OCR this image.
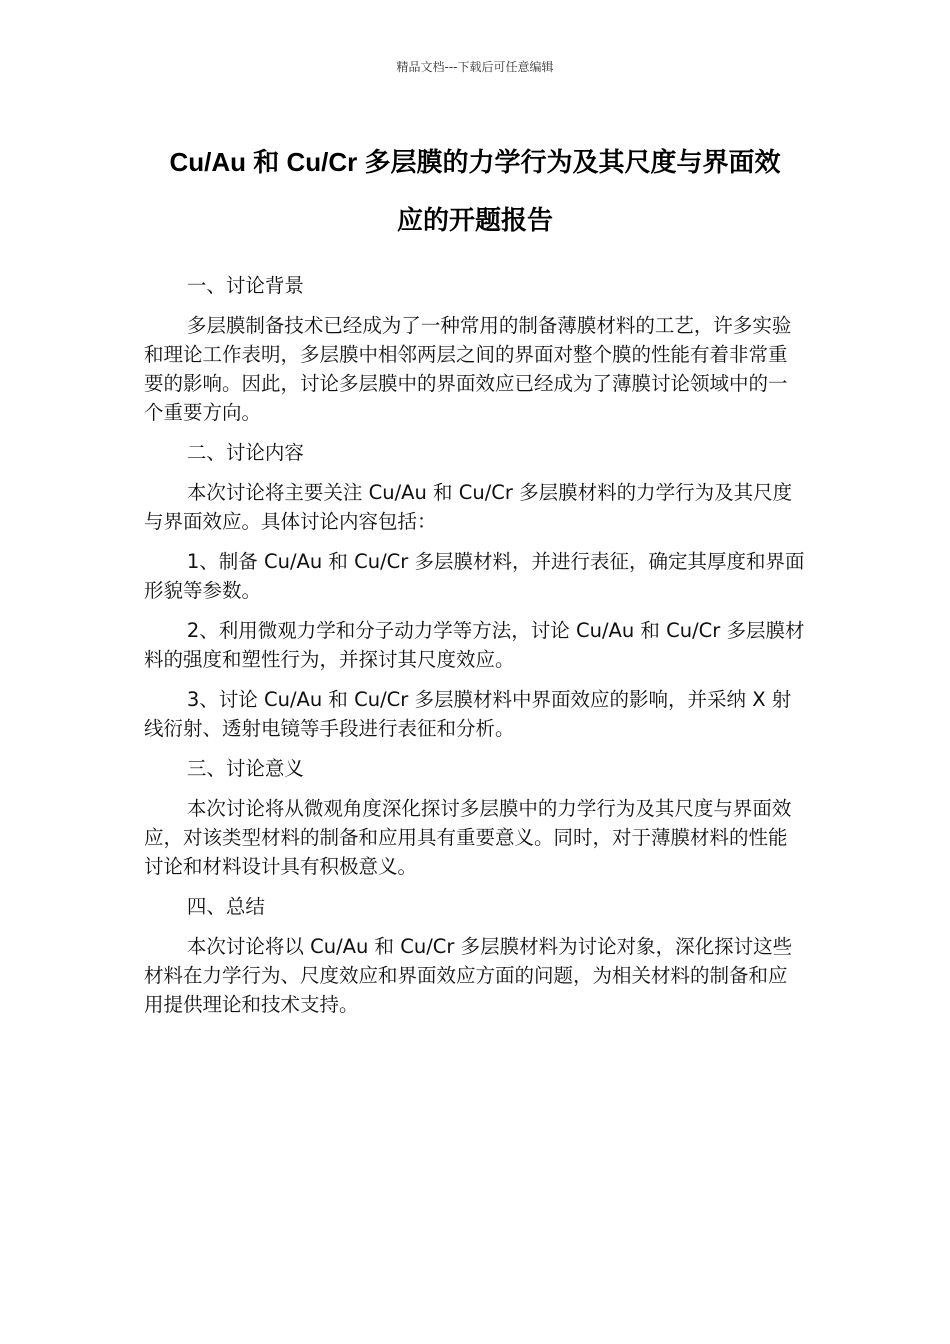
精品文档---下载后可任意编辑
Cu/Au 和 Cu/Cr 多层膜的力学行为及其尺度与界面效
应的开题报告
一、讨论背景

多层膜制备技术已经成为了一种常用的制备薄膜材料的工艺，许多实验和理论工作表明，多层膜中相邻两层之间的界面对整个膜的性能有着非常重要的影响。因此，讨论多层膜中的界面效应已经成为了薄膜讨论领域中的一个重要方向。

二、讨论内容

本次讨论将主要关注 Cu/Au 和 Cu/Cr 多层膜材料的力学行为及其尺度与界面效应。具体讨论内容包括：

1、制备 Cu/Au 和 Cu/Cr 多层膜材料，并进行表征，确定其厚度和界面形貌等参数。

2、利用微观力学和分子动力学等方法，讨论 Cu/Au 和 Cu/Cr 多层膜材料的强度和塑性行为，并探讨其尺度效应。

3、讨论 Cu/Au 和 Cu/Cr 多层膜材料中界面效应的影响，并采纳 X 射线衍射、透射电镜等手段进行表征和分析。

三、讨论意义

本次讨论将从微观角度深化探讨多层膜中的力学行为及其尺度与界面效应，对该类型材料的制备和应用具有重要意义。同时，对于薄膜材料的性能讨论和材料设计具有积极意义。

四、总结

本次讨论将以 Cu/Au 和 Cu/Cr 多层膜材料为讨论对象，深化探讨这些材料在力学行为、尺度效应和界面效应方面的问题，为相关材料的制备和应用提供理论和技术支持。
